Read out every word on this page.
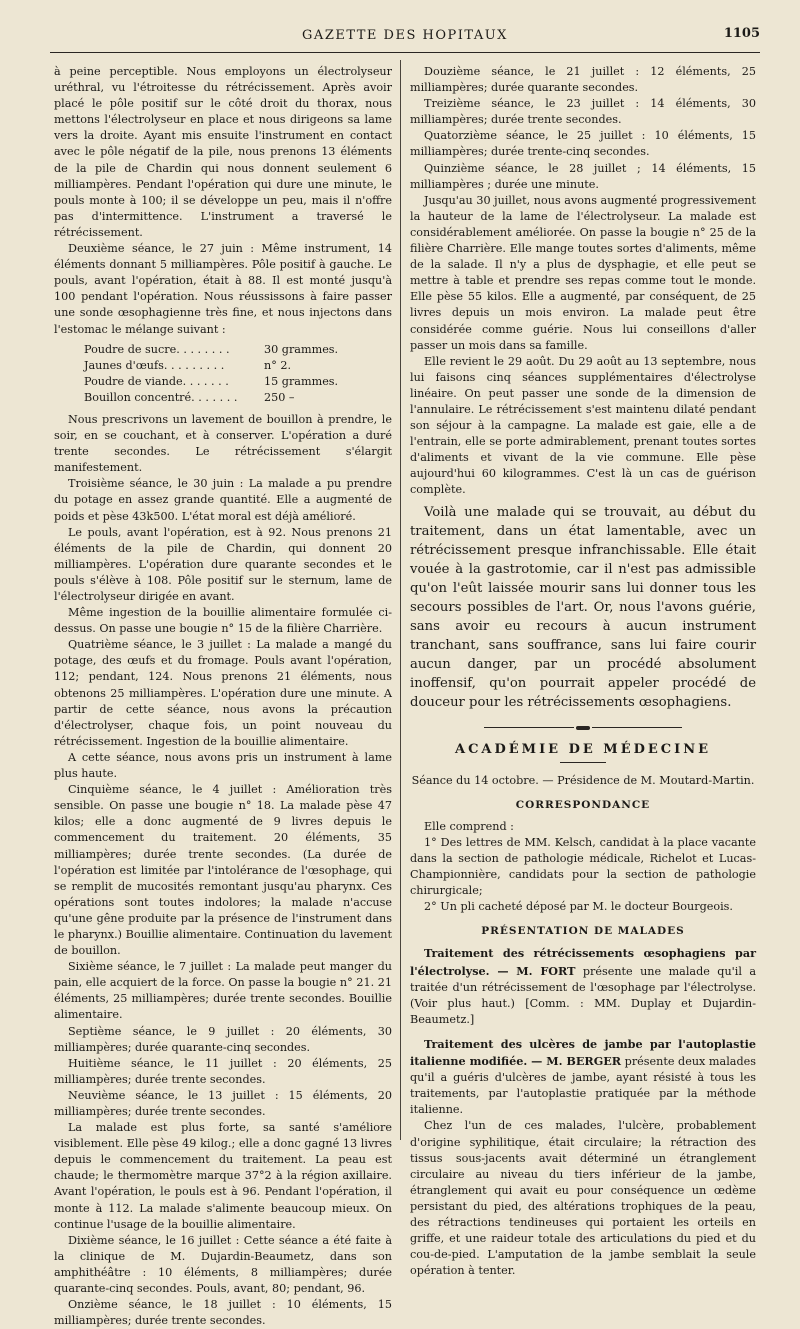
GAZETTE DES HOPITAUX	1105

à peine perceptible. Nous employons un électrolyseur uréthral, vu l'étroitesse du rétrécissement. Après avoir placé le pôle positif sur le côté droit du thorax, nous mettons l'électrolyseur en place et nous dirigeons sa lame vers la droite. Ayant mis ensuite l'instrument en contact avec le pôle négatif de la pile, nous prenons 13 éléments de la pile de Chardin qui nous donnent seulement 6 milliampères. Pendant l'opération qui dure une minute, le pouls monte à 100; il se développe un peu, mais il n'offre pas d'intermittence. L'instrument a traversé le rétrécissement.

Deuxième séance, le 27 juin : Même instrument, 14 éléments donnant 5 milliampères. Pôle positif à gauche. Le pouls, avant l'opération, était à 88. Il est monté jusqu'à 100 pendant l'opération. Nous réussissons à faire passer une sonde œsophagienne très fine, et nous injectons dans l'estomac le mélange suivant :

Poudre de sucre. . . . . . . .	30 grammes.
Jaunes d'œufs. . . . . . . . .	n° 2.
Poudre de viande. . . . . . .	15 grammes.
Bouillon concentré. . . . . . .	250 –

Nous prescrivons un lavement de bouillon à prendre, le soir, en se couchant, et à conserver. L'opération a duré trente secondes. Le rétrécissement s'élargit manifestement.

Troisième séance, le 30 juin : La malade a pu prendre du potage en assez grande quantité. Elle a augmenté de poids et pèse 43k500. L'état moral est déjà amélioré.

Le pouls, avant l'opération, est à 92. Nous prenons 21 éléments de la pile de Chardin, qui donnent 20 milliampères. L'opération dure quarante secondes et le pouls s'élève à 108. Pôle positif sur le sternum, lame de l'électrolyseur dirigée en avant.

Même ingestion de la bouillie alimentaire formulée ci-dessus. On passe une bougie n° 15 de la filière Charrière.

Quatrième séance, le 3 juillet : La malade a mangé du potage, des œufs et du fromage. Pouls avant l'opération, 112; pendant, 124. Nous prenons 21 éléments, nous obtenons 25 milliampères. L'opération dure une minute. A partir de cette séance, nous avons la précaution d'électrolyser, chaque fois, un point nouveau du rétrécissement. Ingestion de la bouillie alimentaire.

A cette séance, nous avons pris un instrument à lame plus haute.

Cinquième séance, le 4 juillet : Amélioration très sensible. On passe une bougie n° 18. La malade pèse 47 kilos; elle a donc augmenté de 9 livres depuis le commencement du traitement. 20 éléments, 35 milliampères; durée trente secondes. (La durée de l'opération est limitée par l'intolérance de l'œsophage, qui se remplit de mucosités remontant jusqu'au pharynx. Ces opérations sont toutes indolores; la malade n'accuse qu'une gêne produite par la présence de l'instrument dans le pharynx.) Bouillie alimentaire. Continuation du lavement de bouillon.

Sixième séance, le 7 juillet : La malade peut manger du pain, elle acquiert de la force. On passe la bougie n° 21. 21 éléments, 25 milliampères; durée trente secondes. Bouillie alimentaire.

Septième séance, le 9 juillet : 20 éléments, 30 milliampères; durée quarante-cinq secondes.

Huitième séance, le 11 juillet : 20 éléments, 25 milliampères; durée trente secondes.

Neuvième séance, le 13 juillet : 15 éléments, 20 milliampères; durée trente secondes.

La malade est plus forte, sa santé s'améliore visiblement. Elle pèse 49 kilog.; elle a donc gagné 13 livres depuis le commencement du traitement. La peau est chaude; le thermomètre marque 37°2 à la région axillaire. Avant l'opération, le pouls est à 96. Pendant l'opération, il monte à 112. La malade s'alimente beaucoup mieux. On continue l'usage de la bouillie alimentaire.

Dixième séance, le 16 juillet : Cette séance a été faite à la clinique de M. Dujardin-Beaumetz, dans son amphithéâtre : 10 éléments, 8 milliampères; durée quarante-cinq secondes. Pouls, avant, 80; pendant, 96.

Onzième séance, le 18 juillet : 10 éléments, 15 milliampères; durée trente secondes.

Douzième séance, le 21 juillet : 12 éléments, 25 milliampères; durée quarante secondes.

Treizième séance, le 23 juillet : 14 éléments, 30 milliampères; durée trente secondes.

Quatorzième séance, le 25 juillet : 10 éléments, 15 milliampères; durée trente-cinq secondes.

Quinzième séance, le 28 juillet ; 14 éléments, 15 milliampères ; durée une minute.

Jusqu'au 30 juillet, nous avons augmenté progressivement la hauteur de la lame de l'électrolyseur. La malade est considérablement améliorée. On passe la bougie n° 25 de la filière Charrière. Elle mange toutes sortes d'aliments, même de la salade. Il n'y a plus de dysphagie, et elle peut se mettre à table et prendre ses repas comme tout le monde. Elle pèse 55 kilos. Elle a augmenté, par conséquent, de 25 livres depuis un mois environ. La malade peut être considérée comme guérie. Nous lui conseillons d'aller passer un mois dans sa famille.

Elle revient le 29 août. Du 29 août au 13 septembre, nous lui faisons cinq séances supplémentaires d'électrolyse linéaire. On peut passer une sonde de la dimension de l'annulaire. Le rétrécissement s'est maintenu dilaté pendant son séjour à la campagne. La malade est gaie, elle a de l'entrain, elle se porte admirablement, prenant toutes sortes d'aliments et vivant de la vie commune. Elle pèse aujourd'hui 60 kilogrammes. C'est là un cas de guérison complète.

Voilà une malade qui se trouvait, au début du traitement, dans un état lamentable, avec un rétrécissement presque infranchissable. Elle était vouée à la gastrotomie, car il n'est pas admissible qu'on l'eût laissée mourir sans lui donner tous les secours possibles de l'art. Or, nous l'avons guérie, sans avoir eu recours à aucun instrument tranchant, sans souffrance, sans lui faire courir aucun danger, par un procédé absolument inoffensif, qu'on pourrait appeler procédé de douceur pour les rétrécissements œsophagiens.

ACADÉMIE DE MÉDECINE

Séance du 14 octobre. — Présidence de M. Moutard-Martin.

CORRESPONDANCE

Elle comprend :

1° Des lettres de MM. Kelsch, candidat à la place vacante dans la section de pathologie médicale, Richelot et Lucas-Championnière, candidats pour la section de pathologie chirurgicale;

2° Un pli cacheté déposé par M. le docteur Bourgeois.

PRÉSENTATION DE MALADES

Traitement des rétrécissements œsophagiens par l'électrolyse. — M. FORT présente une malade qu'il a traitée d'un rétrécissement de l'œsophage par l'électrolyse. (Voir plus haut.) [Comm. : MM. Duplay et Dujardin-Beaumetz.]

Traitement des ulcères de jambe par l'autoplastie italienne modifiée. — M. BERGER présente deux malades qu'il a guéris d'ulcères de jambe, ayant résisté à tous les traitements, par l'autoplastie pratiquée par la méthode italienne.

Chez l'un de ces malades, l'ulcère, probablement d'origine syphilitique, était circulaire; la rétraction des tissus sous-jacents avait déterminé un étranglement circulaire au niveau du tiers inférieur de la jambe, étranglement qui avait eu pour conséquence un œdème persistant du pied, des altérations trophiques de la peau, des rétractions tendineuses qui portaient les orteils en griffe, et une raideur totale des articulations du pied et du cou-de-pied. L'amputation de la jambe semblait la seule opération à tenter.
